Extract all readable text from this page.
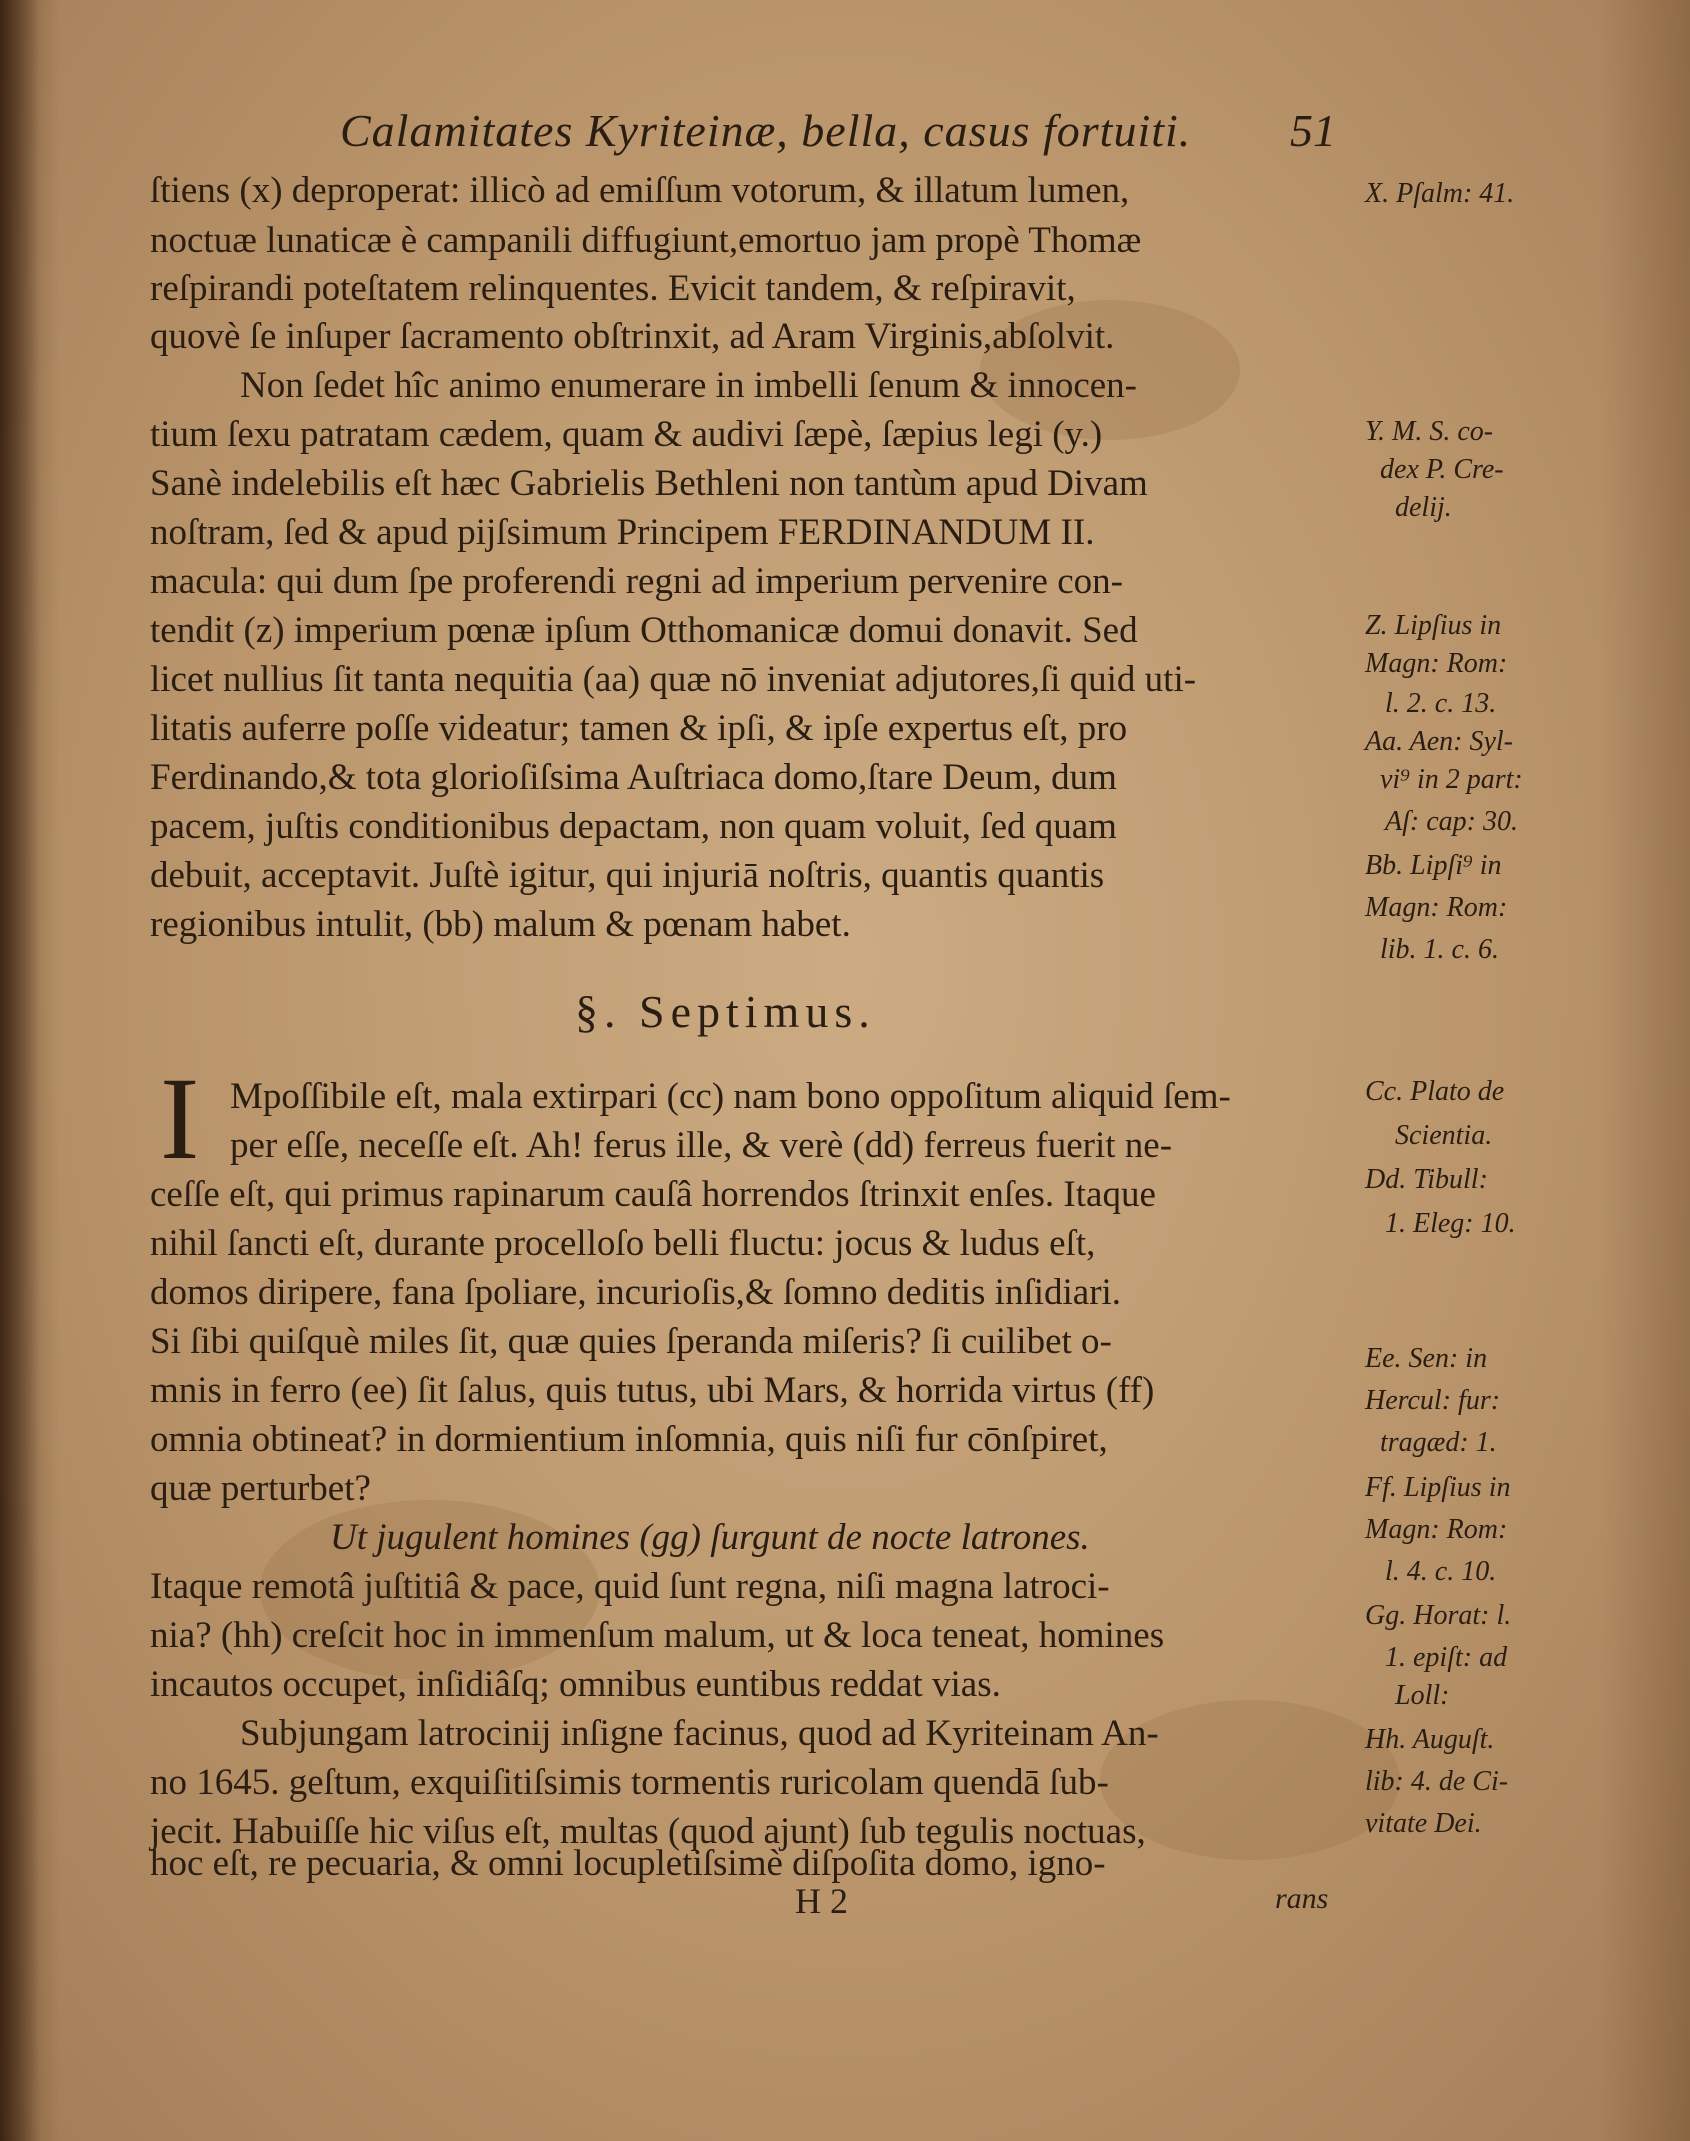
Calamitates Kyriteinæ, bella, casus fortuiti. 51
ſtiens (x) deproperat: illicò ad emiſſum votorum, & illatum lumen,
noctuæ lunaticæ è campanili diffugiunt,emortuo jam propè Thomæ
reſpirandi poteſtatem relinquentes. Evicit tandem, & reſpiravit,
quovè ſe inſuper ſacramento obſtrinxit, ad Aram Virginis,abſolvit.
Non ſedet hîc animo enumerare in imbelli ſenum & innocen-
tium ſexu patratam cædem, quam & audivi ſæpè, ſæpius legi (y.)
Sanè indelebilis eſt hæc Gabrielis Bethleni non tantùm apud Divam
noſtram, ſed & apud pijſsimum Principem FERDINANDUM II.
macula: qui dum ſpe proferendi regni ad imperium pervenire con-
tendit (z) imperium pœnæ ipſum Otthomanicæ domui donavit. Sed
licet nullius ſit tanta nequitia (aa) quæ nō inveniat adjutores,ſi quid uti-
litatis auferre poſſe videatur; tamen & ipſi, & ipſe expertus eſt, pro
Ferdinando,& tota glorioſiſsima Auſtriaca domo,ſtare Deum, dum
pacem, juſtis conditionibus depactam, non quam voluit, ſed quam
debuit, acceptavit. Juſtè igitur, qui injuriā noſtris, quantis quantis
regionibus intulit, (bb) malum & pœnam habet.
§. Septimus.
I Mpoſſibile eſt, mala extirpari (cc) nam bono oppoſitum aliquid ſem-
per eſſe, neceſſe eſt. Ah! ferus ille, & verè (dd) ferreus fuerit ne-
ceſſe eſt, qui primus rapinarum cauſâ horrendos ſtrinxit enſes. Itaque
nihil ſancti eſt, durante procelloſo belli fluctu: jocus & ludus eſt,
domos diripere, fana ſpoliare, incurioſis,& ſomno deditis inſidiari.
Si ſibi quiſquè miles ſit, quæ quies ſperanda miſeris? ſi cuilibet o-
mnis in ferro (ee) ſit ſalus, quis tutus, ubi Mars, & horrida virtus (ff)
omnia obtineat? in dormientium inſomnia, quis niſi fur cōnſpiret,
quæ perturbet?
Ut jugulent homines (gg) ſurgunt de nocte latrones.
Itaque remotâ juſtitiâ & pace, quid ſunt regna, niſi magna latroci-
nia? (hh) creſcit hoc in immenſum malum, ut & loca teneat, homines
incautos occupet, inſidiâſq; omnibus euntibus reddat vias.
Subjungam latrocinij inſigne facinus, quod ad Kyriteinam An-
no 1645. geſtum, exquiſitiſsimis tormentis ruricolam quendā ſub-
jecit. Habuiſſe hic viſus eſt, multas (quod ajunt) ſub tegulis noctuas,
hoc eſt, re pecuaria, & omni locupletiſsimè diſpoſita domo, igno-
X. Pſalm: 41.
Y. M. S. co-
dex P. Cre-
delij.
Z. Lipſius in
Magn: Rom:
l. 2. c. 13.
Aa. Aen: Syl-
vi⁹ in 2 part:
Aſ: cap: 30.
Bb. Lipſi⁹ in
Magn: Rom:
lib. 1. c. 6.
Cc. Plato de
Scientia.
Dd. Tibull:
1. Eleg: 10.
Ee. Sen: in
Hercul: fur:
tragæd: 1.
Ff. Lipſius in
Magn: Rom:
l. 4. c. 10.
Gg. Horat: l.
1. epiſt: ad
Loll:
Hh. Auguſt.
lib: 4. de Ci-
vitate Dei.
H 2	rans
